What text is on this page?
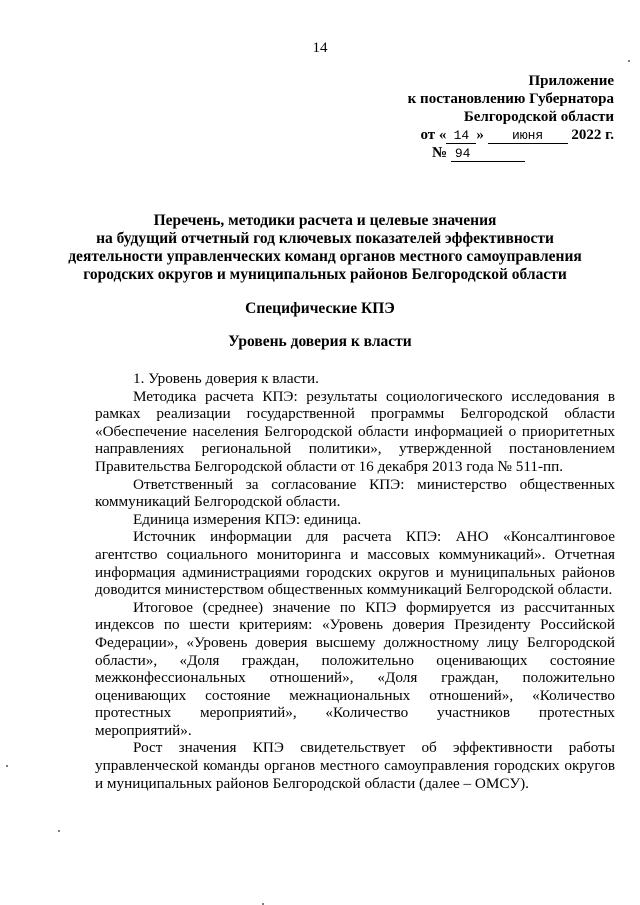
14
Приложение
к постановлению Губернатора
Белгородской области
от « 14 » июня 2022 г.
№ 94
Перечень, методики расчета и целевые значения
на будущий отчетный год ключевых показателей эффективности
деятельности управленческих команд органов местного самоуправления
городских округов и муниципальных районов Белгородской области
Специфические КПЭ
Уровень доверия к власти

1. Уровень доверия к власти.

Методика расчета КПЭ: результаты социологического исследования в рамках реализации государственной программы Белгородской области «Обеспечение населения Белгородской области информацией о приоритетных направлениях региональной политики», утвержденной постановлением Правительства Белгородской области от 16 декабря 2013 года № 511-пп.

Ответственный за согласование КПЭ: министерство общественных коммуникаций Белгородской области.

Единица измерения КПЭ: единица.

Источник информации для расчета КПЭ: АНО «Консалтинговое агентство социального мониторинга и массовых коммуникаций». Отчетная информация администрациями городских округов и муниципальных районов доводится министерством общественных коммуникаций Белгородской области.

Итоговое (среднее) значение по КПЭ формируется из рассчитанных индексов по шести критериям: «Уровень доверия Президенту Российской Федерации», «Уровень доверия высшему должностному лицу Белгородской области», «Доля граждан, положительно оценивающих состояние межконфессиональных отношений», «Доля граждан, положительно оценивающих состояние межнациональных отношений», «Количество протестных мероприятий», «Количество участников протестных мероприятий».

Рост значения КПЭ свидетельствует об эффективности работы управленческой команды органов местного самоуправления городских округов и муниципальных районов Белгородской области (далее – ОМСУ).
